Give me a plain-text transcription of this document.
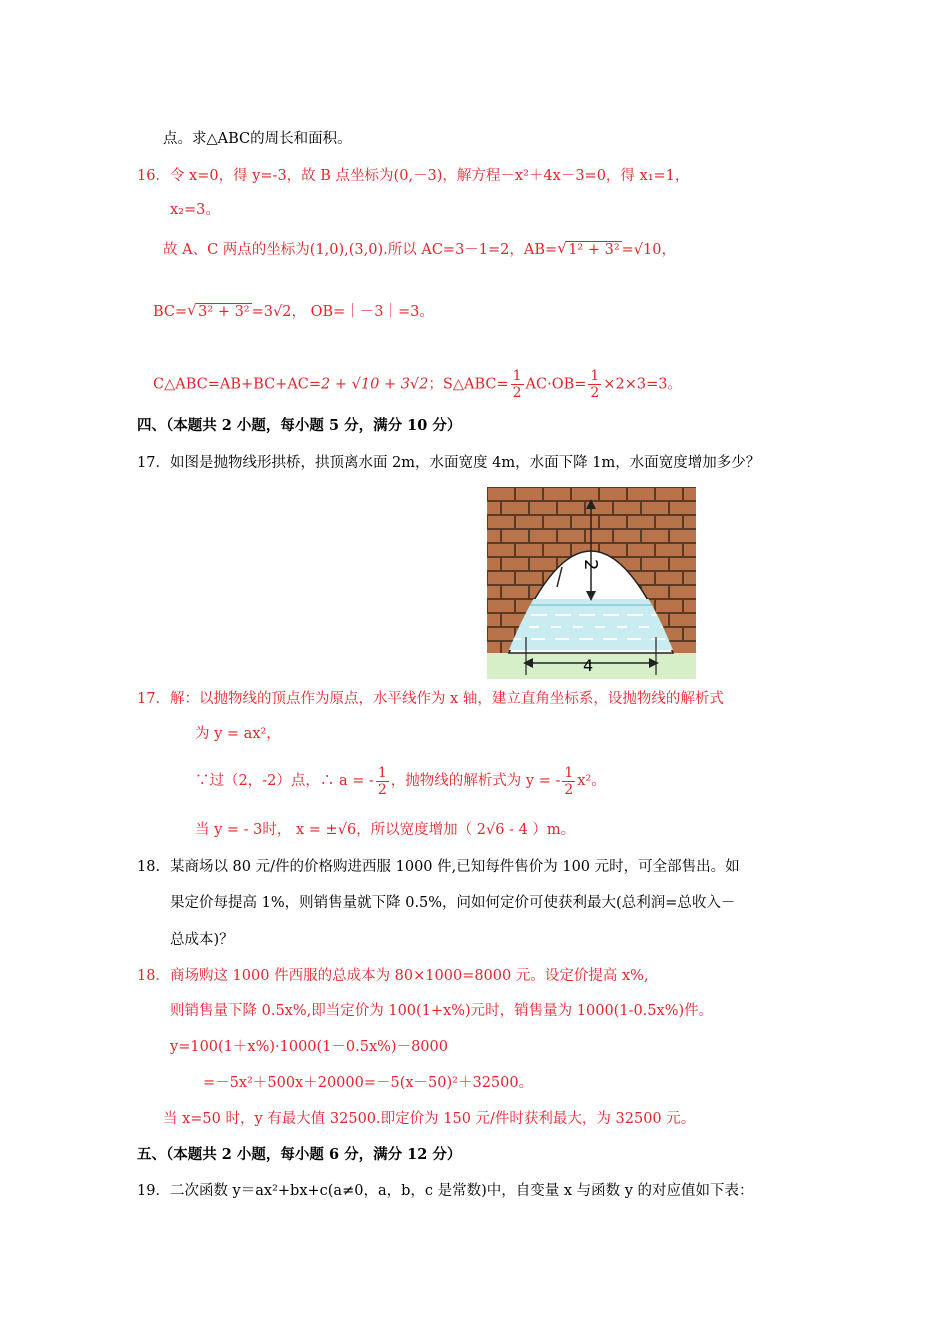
点。求△ABC的周长和面积。
16．令 x=0，得 y=-3，故 B 点坐标为(0,－3)，解方程－x²＋4x－3=0，得 x₁=1，
x₂=3。
故 A、C 两点的坐标为(1,0),(3,0).所以 AC=3－1=2，AB= √ 1² + 3² =√10，
BC= √ 3² + 3² =3√2， OB=｜－3｜=3。
C△ABC=AB+BC+AC=2 + √10 + 3√2；S△ABC= $\frac{1}{2} AC\cdot OB= \frac{1}{2} \times 2\times 3=3$。
四、（本题共 2 小题，每小题 5 分，满分 10 分）
17．如图是抛物线形拱桥，拱顶离水面 2m，水面宽度 4m，水面下降 1m，水面宽度增加多少？
2
4
17．解：以抛物线的顶点作为原点，水平线作为 x 轴，建立直角坐标系，设抛物线的解析式
为 y = ax²，
∵过（2，-2）点，∴ a = - $\frac{1}{2}$ ，抛物线的解析式为 y = - $\frac{1}{2} x^2$。
当 y = - 3时， x = ±√6，所以宽度增加（ 2√6 - 4 ）m。
18．某商场以 80 元/件的价格购进西服 1000 件,已知每件售价为 100 元时，可全部售出。如
果定价每提高 1%，则销售量就下降 0.5%，问如何定价可使获利最大(总利润=总收入－
总成本)？
18．商场购这 1000 件西服的总成本为 80×1000=8000 元。设定价提高 x%,
则销售量下降 0.5x%,即当定价为 100(1+x%)元时，销售量为 1000(1-0.5x%)件。
y=100(1＋x%)·1000(1－0.5x%)－8000
=－5x²＋500x＋20000=－5(x－50)²＋32500。
当 x=50 时，y 有最大值 32500.即定价为 150 元/件时获利最大，为 32500 元。
五、（本题共 2 小题，每小题 6 分，满分 12 分）
19．二次函数 y＝ax²+bx+c(a≠0，a，b，c 是常数)中，自变量 x 与函数 y 的对应值如下表：
